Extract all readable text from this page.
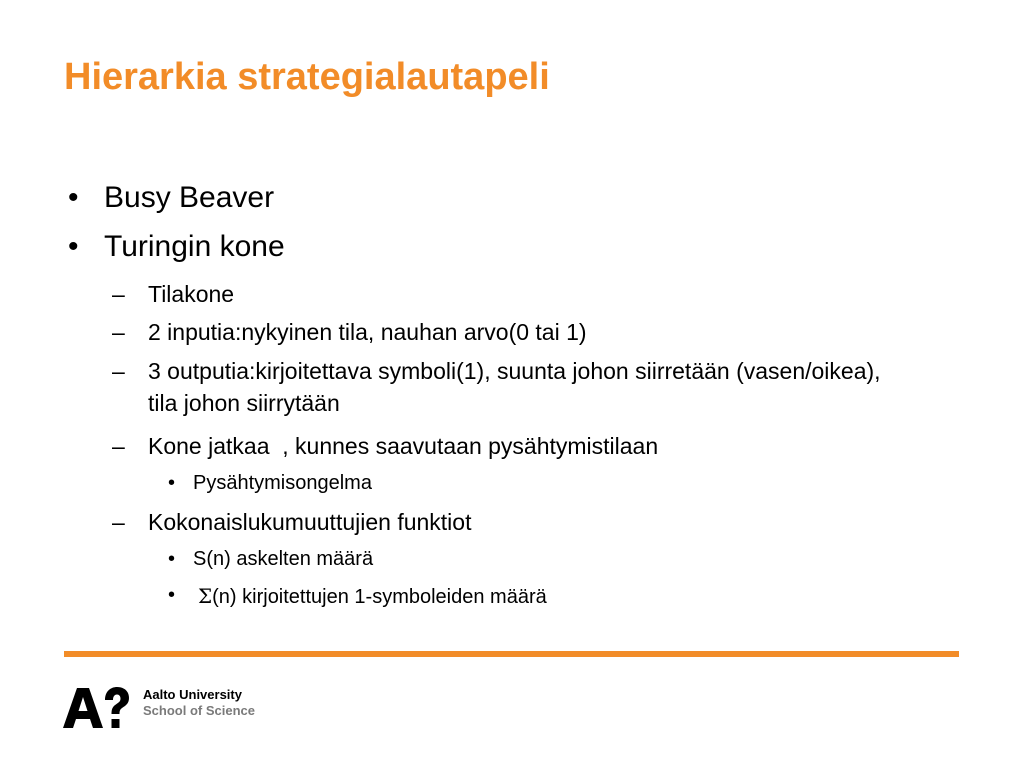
Hierarkia strategialautapeli
• Busy Beaver
• Turingin kone
– Tilakone
– 2 inputia:nykyinen tila, nauhan arvo(0 tai 1)
– 3 outputia:kirjoitettava symboli(1), suunta johon siirretään (vasen/oikea), tila johon siirrytään
– Kone jatkaa  , kunnes saavutaan pysähtymistilaan
• Pysähtymisongelma
– Kokonaislukumuuttujien funktiot
• S(n) askelten määrä
• Σ(n) kirjoitettujen 1-symboleiden määrä
Aalto University
School of Science
